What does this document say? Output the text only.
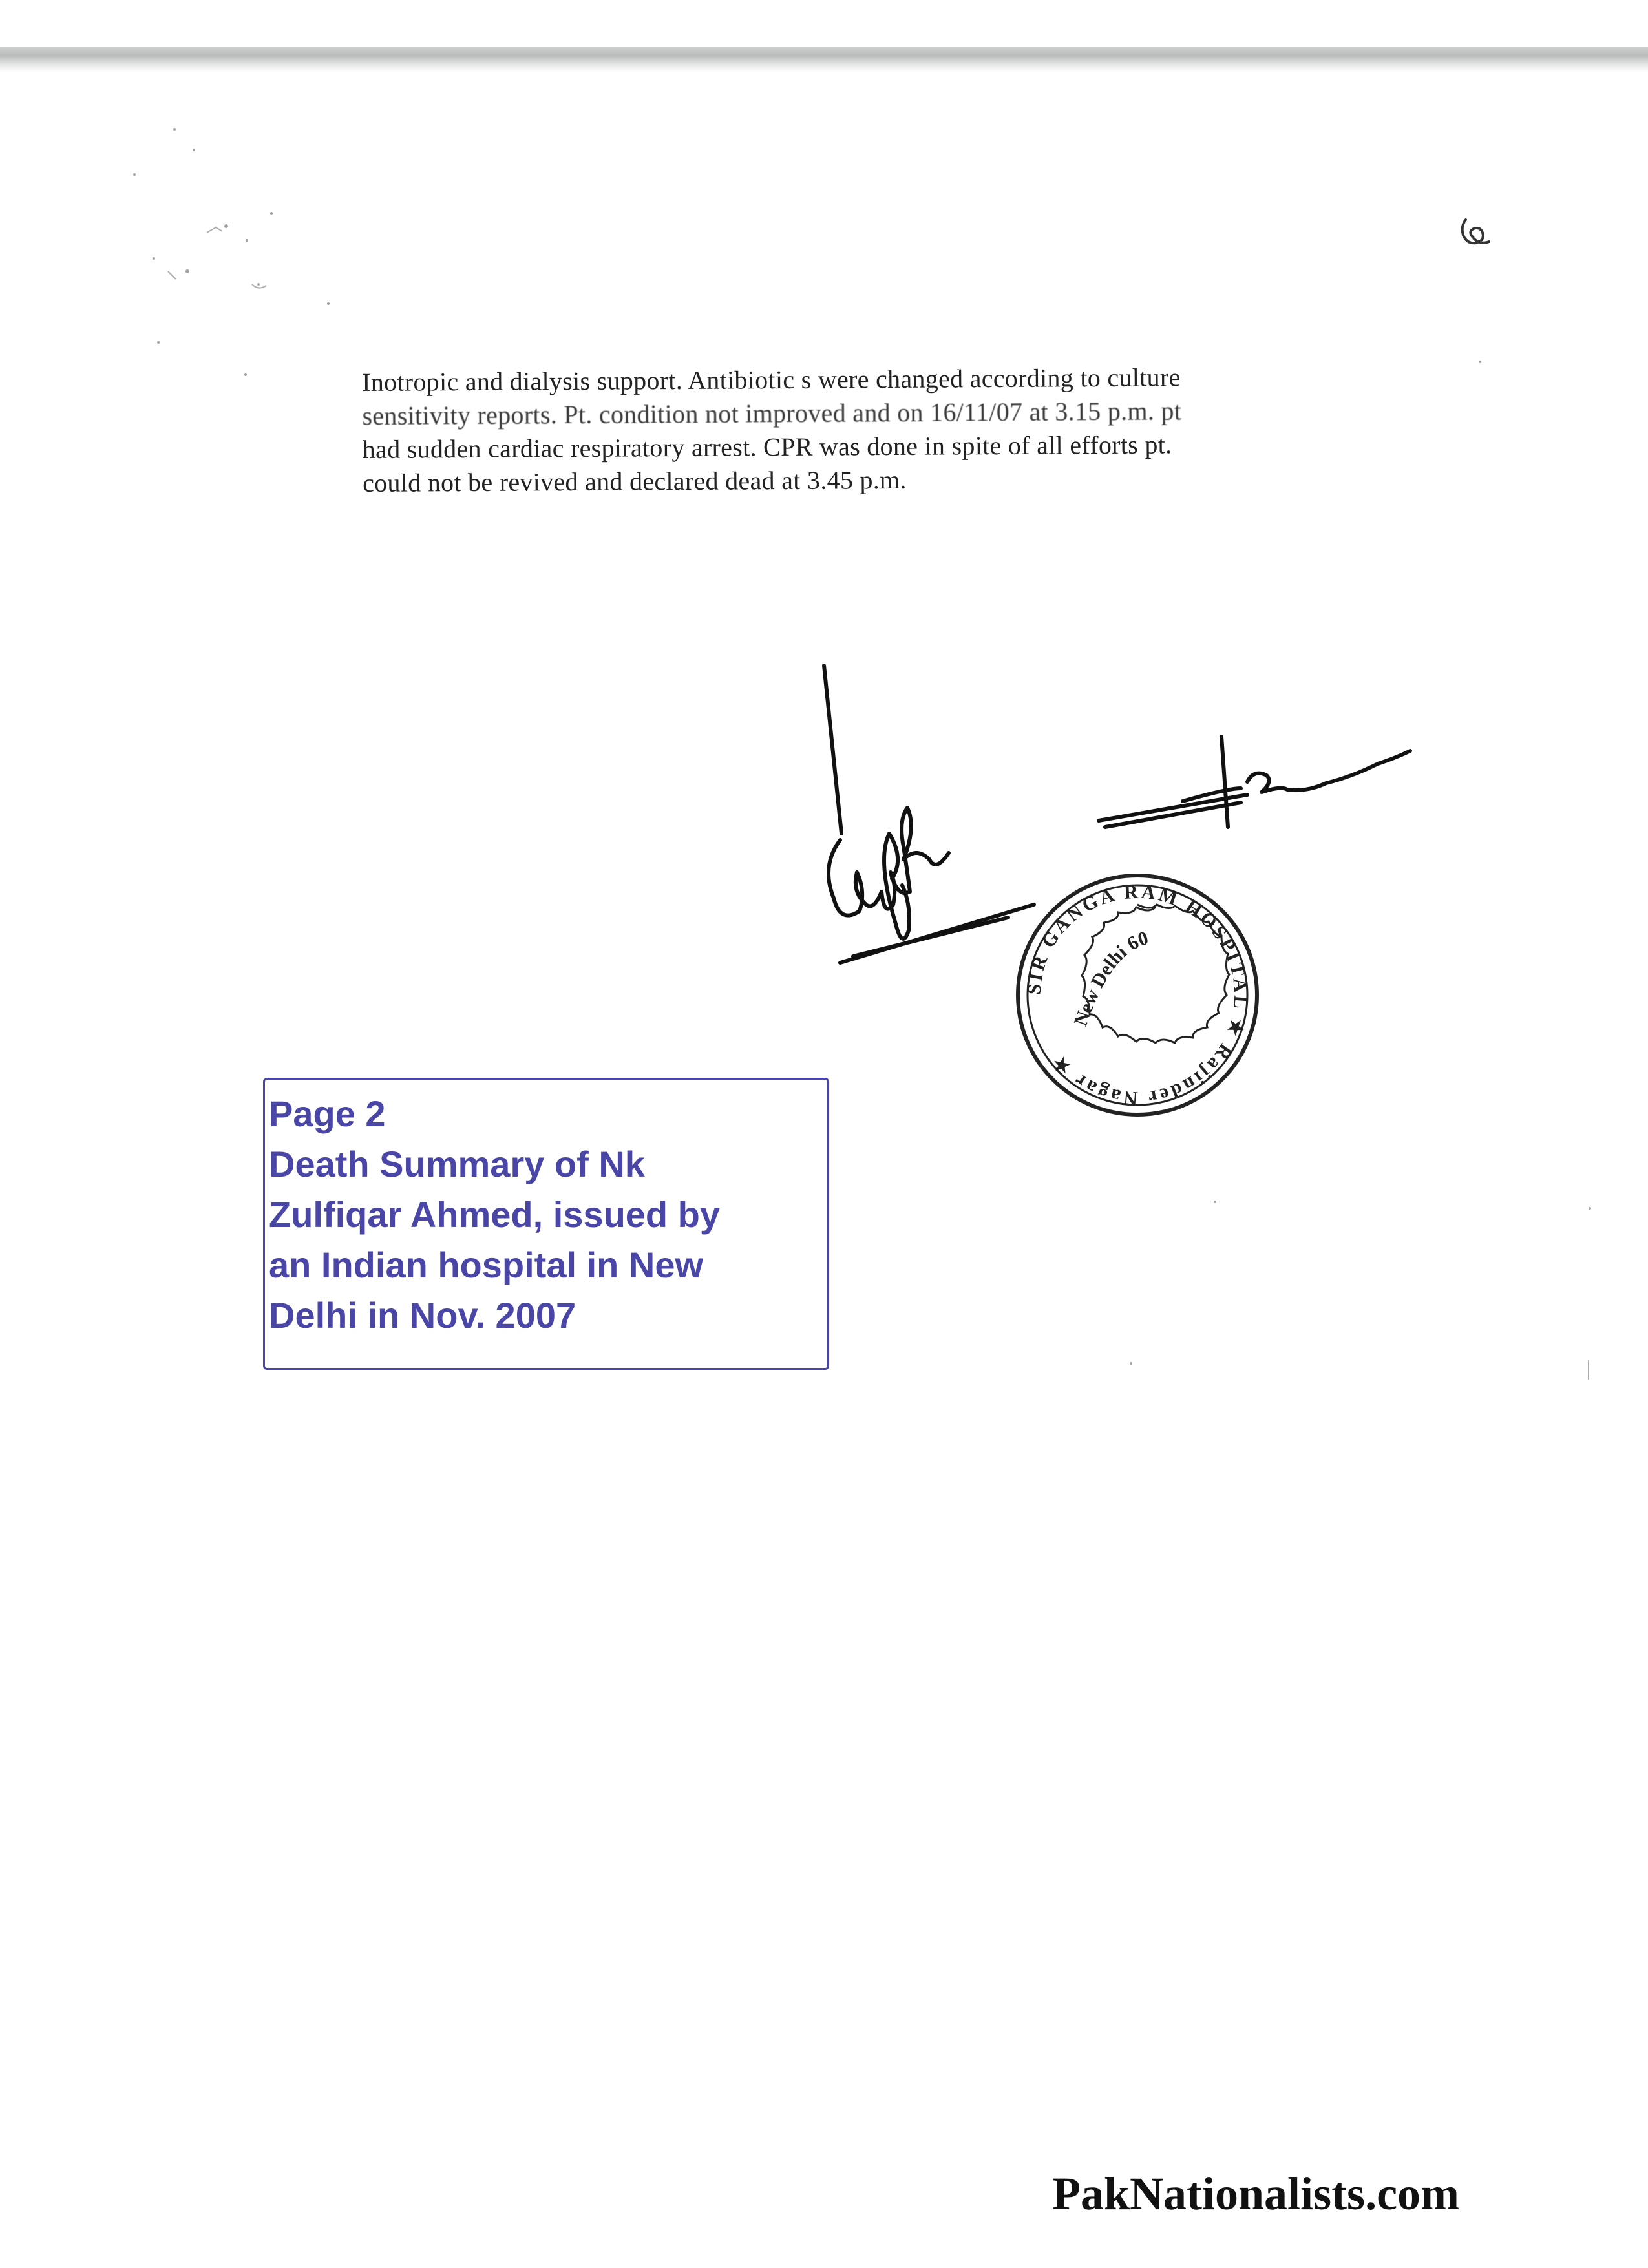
Inotropic and dialysis support. Antibiotic s were changed according to culture
sensitivity reports. Pt. condition not improved and on 16/11/07 at 3.15 p.m. pt
had sudden cardiac respiratory arrest. CPR was done in spite of all efforts pt.
could not be revived and declared dead at 3.45 p.m.
SIR GANGA RAM HOSPITAL ★ Rajinder Nagar ★
New Delhi 60
Page 2
Death Summary of Nk
Zulfiqar Ahmed, issued by
an Indian hospital in New
Delhi in Nov. 2007
PakNationalists.com
